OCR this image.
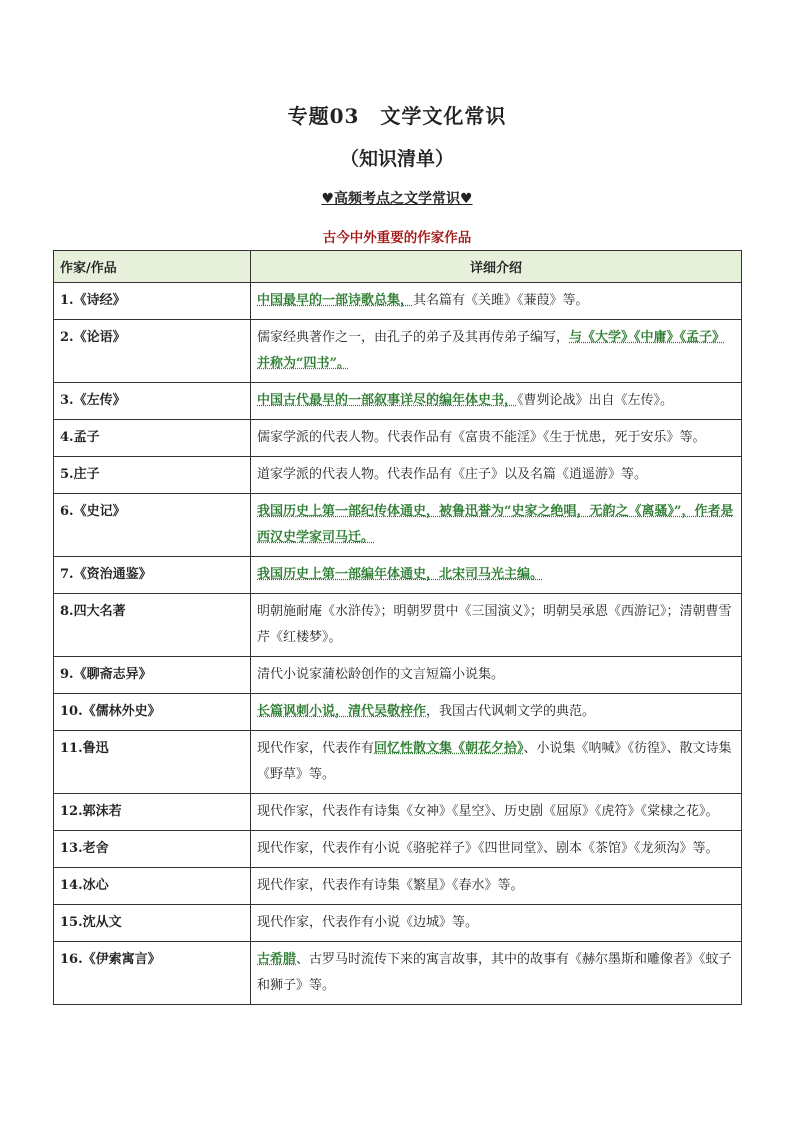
专题03　文学文化常识
（知识清单）
♥高频考点之文学常识♥
古今中外重要的作家作品
作家/作品	详细介绍
1.《诗经》	中国最早的一部诗歌总集，其名篇有《关雎》《蒹葭》等。
2.《论语》	儒家经典著作之一，由孔子的弟子及其再传弟子编写，与《大学》《中庸》《孟子》并称为“四书”。
3.《左传》	中国古代最早的一部叙事详尽的编年体史书，《曹刿论战》出自《左传》。
4.孟子	儒家学派的代表人物。代表作品有《富贵不能淫》《生于忧患，死于安乐》等。
5.庄子	道家学派的代表人物。代表作品有《庄子》以及名篇《逍遥游》等。
6.《史记》	我国历史上第一部纪传体通史，被鲁迅誉为“史家之绝唱，无韵之《离骚》”，作者是西汉史学家司马迁。
7.《资治通鉴》	我国历史上第一部编年体通史，北宋司马光主编。
8.四大名著	明朝施耐庵《水浒传》；明朝罗贯中《三国演义》；明朝吴承恩《西游记》；清朝曹雪芹《红楼梦》。
9.《聊斋志异》	清代小说家蒲松龄创作的文言短篇小说集。
10.《儒林外史》	长篇讽刺小说，清代吴敬梓作，我国古代讽刺文学的典范。
11.鲁迅	现代作家，代表作有回忆性散文集《朝花夕拾》、小说集《呐喊》《彷徨》、散文诗集《野草》等。
12.郭沫若	现代作家，代表作有诗集《女神》《星空》、历史剧《屈原》《虎符》《棠棣之花》。
13.老舍	现代作家，代表作有小说《骆驼祥子》《四世同堂》、剧本《茶馆》《龙须沟》等。
14.冰心	现代作家，代表作有诗集《繁星》《春水》等。
15.沈从文	现代作家，代表作有小说《边城》等。
16.《伊索寓言》	古希腊、古罗马时流传下来的寓言故事，其中的故事有《赫尔墨斯和雕像者》《蚊子和狮子》等。
